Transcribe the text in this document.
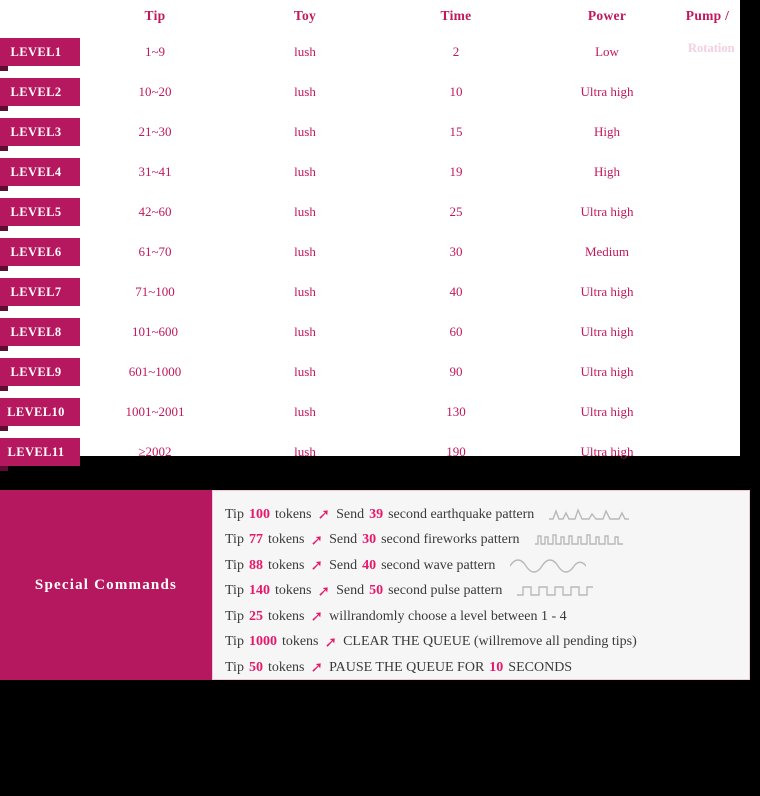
	Tip	Toy	Time	Power	Pump /

LEVEL1	1~9	lush	2	Low	

LEVEL2	10~20	lush	10	Ultra high	

LEVEL3	21~30	lush	15	High	

LEVEL4	31~41	lush	19	High	

LEVEL5	42~60	lush	25	Ultra high	

LEVEL6	61~70	lush	30	Medium	

LEVEL7	71~100	lush	40	Ultra high	

LEVEL8	101~600	lush	60	Ultra high	

LEVEL9	601~1000	lush	90	Ultra high	

LEVEL10	1001~2001	lush	130	Ultra high	

LEVEL11	≥2002	lush	190	Ultra high	
Rotation
Special Commands
Tip 100 tokens ➚ Send 39 second earthquake pattern
Tip 77 tokens ➚ Send 30 second fireworks pattern
Tip 88 tokens ➚ Send 40 second wave pattern
Tip 140 tokens ➚ Send 50 second pulse pattern
Tip 25 tokens ➚ willrandomly choose a level between 1 - 4
Tip 1000 tokens ➚ CLEAR THE QUEUE (willremove all pending tips)
Tip 50 tokens ➚ PAUSE THE QUEUE FOR 10 SECONDS
